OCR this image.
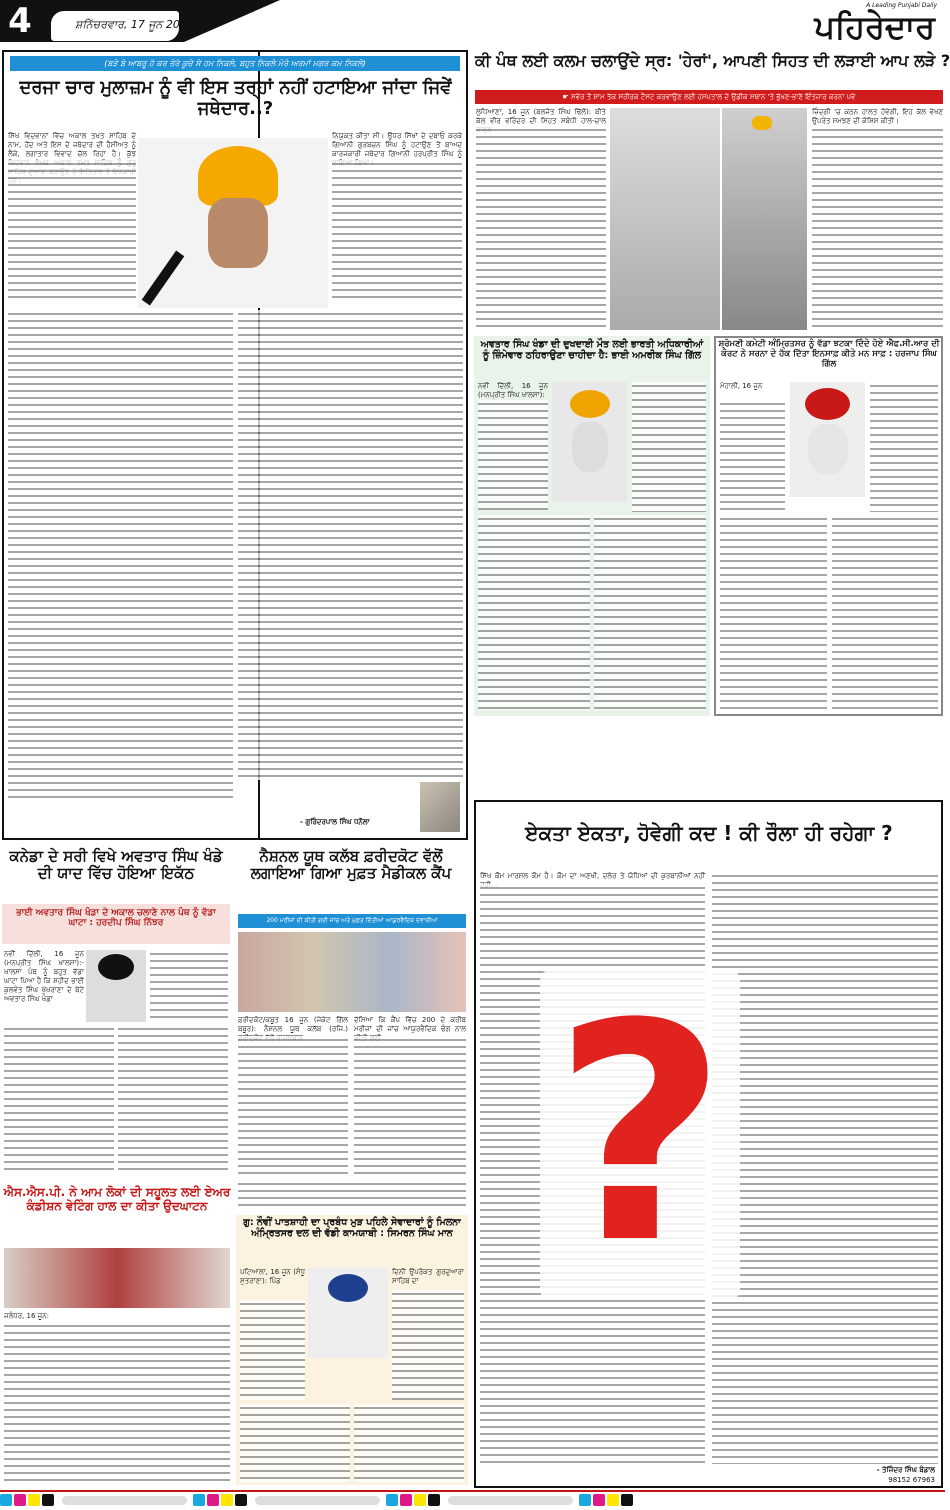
4	ਸ਼ਨਿੱਚਰਵਾਰ, 17 ਜੂਨ 2023	ਪਹਿਰੇਦਾਰ
A Leading Punjabi Daily
(ਬੜੇ ਬੇ ਆਬਰੂ ਹੋ ਕਰ ਤੇਰੇ ਕੂਚੇ ਸੇ ਹਮ ਨਿਕਲੇ, ਬਹੁਤ ਨਿਕਲੇ ਮੇਰੇ ਅਰਮਾਂ ਮਗਰ ਕਮ ਨਿਕਲੇ)
ਦਰਜਾ ਚਾਰ ਮੁਲਾਜ਼ਮ ਨੂੰ ਵੀ ਇਸ ਤਰ੍ਹਾਂ ਨਹੀਂ ਹਟਾਇਆ ਜਾਂਦਾ ਜਿਵੇਂ ਜਥੇਦਾਰ..?
ਸਿੱਖ ਵਿਦਵਾਨਾਂ ਵਿੱਚ ਅਕਾਲ ਤਖ਼ਤ ਸਾਹਿਬ ਦੇ ਨਾਮ, ਹੋਂਦ ਅਤੇ ਇਸ ਦੇ ਜਥੇਦਾਰ ਦੀ ਹੈਸੀਅਤ ਨੂੰ ਲੈਕੇ, ਲਗਾਤਾਰ ਵਿਵਾਦ ਚੱਲ ਰਿਹਾ ਹੈ। ਕੁੱਝ
ਨਿਯੁਕਤ ਕੀਤਾ ਸੀ। ਉਧਰ ਸਿੱਖਾਂ ਦੇ ਦਬਾਓ ਕਰਕੇ ਗਿਆਨੀ ਗੁਰਬਚਨ ਸਿੰਘ ਨੂੰ ਹਟਾਉਣ ਤੋਂ ਬਾਅਦ ਕਾਰਜਕਾਰੀ ਜਥੇਦਾਰ ਗਿਆਨੀ ਹਰਪ੍ਰੀਤ ਸਿੰਘ ਨੂੰ
- ਗੁਰਿੰਦਰਪਾਲ ਸਿੰਘ ਧਨੌਲਾ
ਕੀ ਪੰਥ ਲਈ ਕਲਮ ਚਲਾਉਂਦੇ ਸ੍ਰ: 'ਹੇਰਾਂ', ਆਪਣੀ ਸਿਹਤ ਦੀ ਲੜਾਈ ਆਪ ਲੜੇ ?
☛ ਸਵੇਰ ਤੋਂ ਸ਼ਾਮ ਤੱਕ ਸਰੀਰਕ ਟੈਸਟ ਕਰਵਾਉਣ ਲਈ ਹਸਪਤਾਲ ਦੇ ਉਡੀਕ ਸਥਾਨ 'ਤੇ ਭੁੱਖਣ-ਭਾਣੇ ਇੰਤਜ਼ਾਰ ਕਰਨਾ ਪਵੇ
ਲੁਧਿਆਣਾ, 16 ਜੂਨ (ਬਲਜੋਤ ਸਿੰਘ ਢਿੱਲੋਂ): ਬੀਤੇ ਕੱਲ ਵੀਰ ਵਰਿੰਦਰ ਦੀ ਸਿਹਤ ਸਬੰਧੀ ਹਾਲ-ਚਾਲ
ਜ਼ਿੰਦਗੀ 'ਚ ਕਠਨ ਹਾਲਤ ਹੋਵੇਗੀ, ਇਹ ਕੱਲ ਵੇਖਣ ਉਪਰੰਤ ਸਮਝਣ ਦੀ ਕੋਸ਼ਿਸ਼ ਕੀਤੀ।
ਅਵਤਾਰ ਸਿੰਘ ਖੰਡਾ ਦੀ ਦੁਖਦਾਈ ਮੌਤ ਲਈ ਭਾਰਤੀ ਅਧਿਕਾਰੀਆਂ ਨੂੰ ਜ਼ਿੰਮੇਵਾਰ ਠਹਿਰਾਉਣਾ ਚਾਹੀਦਾ ਹੈ: ਭਾਈ ਅਮਰੀਕ ਸਿੰਘ ਗਿੱਲ
ਨਵੀਂ ਦਿੱਲੀ, 16 ਜੂਨ (ਮਨਪ੍ਰੀਤ ਸਿੰਘ ਖਾਲਸਾ):
ਸ਼੍ਰੋਮਣੀ ਕਮੇਟੀ ਅੰਮ੍ਰਿਤਸਰ ਨੂੰ ਵੱਡਾ ਝਟਕਾ ਦਿੰਦੇ ਹੋਏ ਐਫ.ਸੀ.ਆਰ ਦੀ ਕੋਰਟ ਨੇ ਸਰਨਾ ਦੇ ਹੱਕ ਦਿੱਤਾ ਇਨਸਾਫ਼ ਕੀਤੇ ਮਨ ਸਾਫ਼ : ਹਰਜਾਪ ਸਿੰਘ ਗਿੱਲ
ਮੋਹਾਲੀ, 16 ਜੂਨ
ਏਕਤਾ ਏਕਤਾ, ਹੋਵੇਗੀ ਕਦ ! ਕੀ ਰੌਲਾ ਹੀ ਰਹੇਗਾ ?
ਸਿੱਖ ਕੌਮ ਮਾਰਸ਼ਲ ਕੌਮ ਹੈ। ਕੌਮ ਦਾ ਅਣਖੀ, ਦਲੇਰ ਤੇ ਯੋਧਿਆਂ ਦੀ ਕੁਰਬਾਨੀਆਂ ਨਹੀਂ
?
- ਤੇਜਿੰਦਰ ਸਿੰਘ ਬੰਡਾਲ
98152 67963
ਕਨੇਡਾ ਦੇ ਸਰੀ ਵਿਖੇ ਅਵਤਾਰ ਸਿੰਘ ਖੰਡੇ ਦੀ ਯਾਦ ਵਿੱਚ ਹੋਇਆ ਇਕੱਠ
ਭਾਈ ਅਵਤਾਰ ਸਿੰਘ ਖੰਡਾ ਦੇ ਅਕਾਲ ਚਲਾਣੇ ਨਾਲ ਪੰਥ ਨੂੰ ਵੱਡਾ ਘਾਟਾ : ਹਰਦੀਪ ਸਿੰਘ ਨਿੱਝਰ
ਨਵੀਂ ਦਿੱਲੀ, 16 ਜੂਨ (ਮਨਪ੍ਰੀਤ ਸਿੰਘ ਖਾਲਸਾ):- ਖਾਲਸਾ ਪੰਥ ਨੂੰ ਬਹੁਤ ਵੱਡਾ ਘਾਟਾ ਪਿਆ ਹੈ ਕਿ ਸ਼ਹੀਦ ਭਾਈ ਕੁਲਵੰਤ ਸਿੰਘ ਖੁੱਖਰਾਣਾ ਦੇ ਬੇਟੇ ਅਵਤਾਰ ਸਿੰਘ ਖੰਡਾ
ਨੈਸ਼ਨਲ ਯੂਥ ਕਲੱਬ ਫ਼ਰੀਦਕੋਟ ਵੱਲੋਂ ਲਗਾਇਆ ਗਿਆ ਮੁਫ਼ਤ ਮੈਡੀਕਲ ਕੈਂਪ
200 ਮਰੀਜ਼ਾਂ ਦੀ ਕੀਤੀ ਗਈ ਜਾਂਚ ਅਤੇ ਮੁਫ਼ਤ ਦਿੱਤੀਆਂ ਆਯੁਰਵੈਦਿਕ ਦਵਾਈਆਂ
ਫ਼ਰੀਦਕੋਟ/ਕਬੂਤ 16 ਜੂਨ (ਜੇਕੇਟ ਗਿੱਲ ਬਬੂਰ): ਨੈਸ਼ਨਲ ਯੂਥ ਕਲੱਬ (ਰਜਿ.)
ਦੱਸਿਆ ਕਿ ਕੈਂਪ ਵਿੱਚ 200 ਦੇ ਕਰੀਬ ਮਰੀਜ਼ਾਂ ਦੀ ਜਾਂਚ ਆਯੁਰਵੈਦਿਕ ਢੰਗ ਨਾਲ
ਐਸ.ਐਸ.ਪੀ. ਨੇ ਆਮ ਲੋਕਾਂ ਦੀ ਸਹੂਲਤ ਲਈ ਏਅਰ ਕੰਡੀਸ਼ਨ ਵੇਟਿੰਗ ਹਾਲ ਦਾ ਕੀਤਾ ਉਦਘਾਟਨ
ਜਲੰਧਰ, 16 ਜੂਨ:
ਗੁ: ਨੌਵੀਂ ਪਾਤਸ਼ਾਹੀ ਦਾ ਪ੍ਰਬੰਧ ਮੁੜ ਪਹਿਲੇ ਸੇਵਾਦਾਰਾਂ ਨੂੰ ਮਿਲਨਾ ਅੰਮ੍ਰਿਤਸਰ ਦਲ ਦੀ ਵੱਡੀ ਕਾਮਯਾਬੀ : ਸਿਮਰਨ ਸਿੰਘ ਮਾਨ
ਪਟਿਆਲਾ, 16 ਜੂਨ (ਸੰਧੂ ਸੁਤਰਾਣਾ): ਪਿੰਡ
ਦਿਨੀਂ ਉਪਰੋਕਤ ਗੁਰਦੁਆਰਾ ਸਾਹਿਬ ਦਾ
